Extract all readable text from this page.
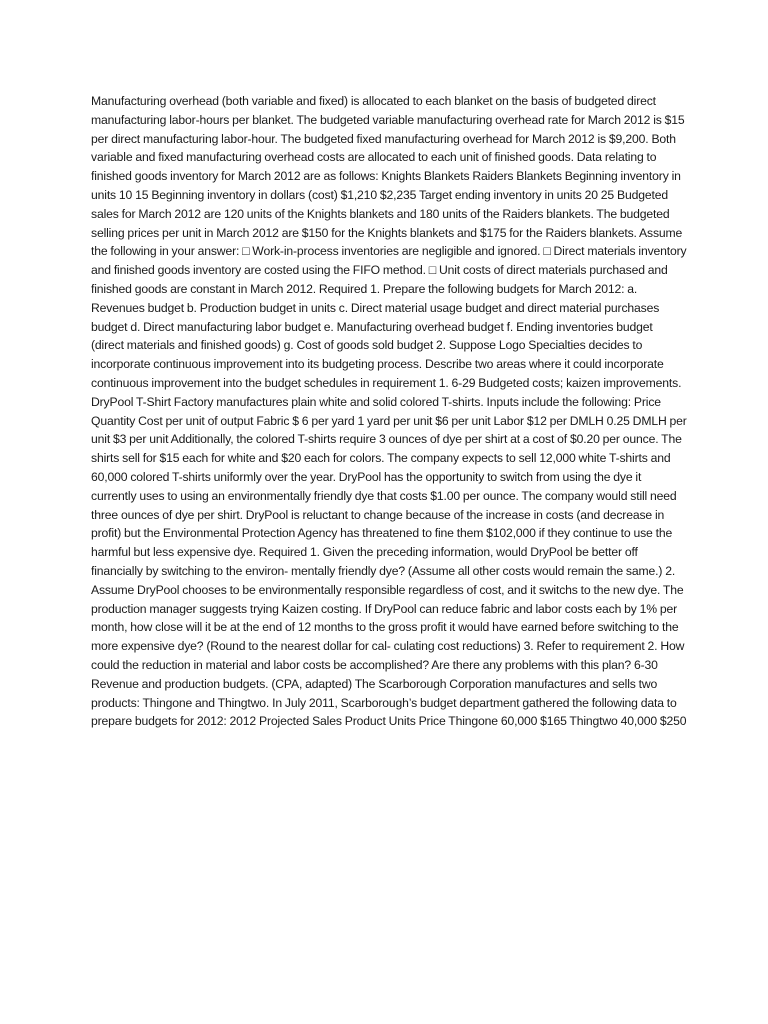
Manufacturing overhead (both variable and fixed) is allocated to each blanket on the basis of budgeted direct manufacturing labor-hours per blanket. The budgeted variable manufacturing overhead rate for March 2012 is $15 per direct manufacturing labor-hour. The budgeted fixed manufacturing overhead for March 2012 is $9,200. Both variable and fixed manufacturing overhead costs are allocated to each unit of finished goods. Data relating to finished goods inventory for March 2012 are as follows: Knights Blankets Raiders Blankets Beginning inventory in units 10 15 Beginning inventory in dollars (cost) $1,210 $2,235 Target ending inventory in units 20 25 Budgeted sales for March 2012 are 120 units of the Knights blankets and 180 units of the Raiders blankets. The budgeted selling prices per unit in March 2012 are $150 for the Knights blankets and $175 for the Raiders blankets. Assume the following in your answer: □ Work-in-process inventories are negligible and ignored. □ Direct materials inventory and finished goods inventory are costed using the FIFO method. □ Unit costs of direct materials purchased and finished goods are constant in March 2012. Required 1. Prepare the following budgets for March 2012: a. Revenues budget b. Production budget in units c. Direct material usage budget and direct material purchases budget d. Direct manufacturing labor budget e. Manufacturing overhead budget f. Ending inventories budget (direct materials and finished goods) g. Cost of goods sold budget 2. Suppose Logo Specialties decides to incorporate continuous improvement into its budgeting process. Describe two areas where it could incorporate continuous improvement into the budget schedules in requirement 1. 6-29 Budgeted costs; kaizen improvements. DryPool T-Shirt Factory manufactures plain white and solid colored T-shirts. Inputs include the following: Price Quantity Cost per unit of output Fabric $ 6 per yard 1 yard per unit $6 per unit Labor $12 per DMLH 0.25 DMLH per unit $3 per unit Additionally, the colored T-shirts require 3 ounces of dye per shirt at a cost of $0.20 per ounce. The shirts sell for $15 each for white and $20 each for colors. The company expects to sell 12,000 white T-shirts and 60,000 colored T-shirts uniformly over the year. DryPool has the opportunity to switch from using the dye it currently uses to using an environmentally friendly dye that costs $1.00 per ounce. The company would still need three ounces of dye per shirt. DryPool is reluctant to change because of the increase in costs (and decrease in profit) but the Environmental Protection Agency has threatened to fine them $102,000 if they continue to use the harmful but less expensive dye. Required 1. Given the preceding information, would DryPool be better off financially by switching to the environ- mentally friendly dye? (Assume all other costs would remain the same.) 2. Assume DryPool chooses to be environmentally responsible regardless of cost, and it switchs to the new dye. The production manager suggests trying Kaizen costing. If DryPool can reduce fabric and labor costs each by 1% per month, how close will it be at the end of 12 months to the gross profit it would have earned before switching to the more expensive dye? (Round to the nearest dollar for cal- culating cost reductions) 3. Refer to requirement 2. How could the reduction in material and labor costs be accomplished? Are there any problems with this plan? 6-30 Revenue and production budgets. (CPA, adapted) The Scarborough Corporation manufactures and sells two products: Thingone and Thingtwo. In July 2011, Scarborough’s budget department gathered the following data to prepare budgets for 2012: 2012 Projected Sales Product Units Price Thingone 60,000 $165 Thingtwo 40,000 $250
